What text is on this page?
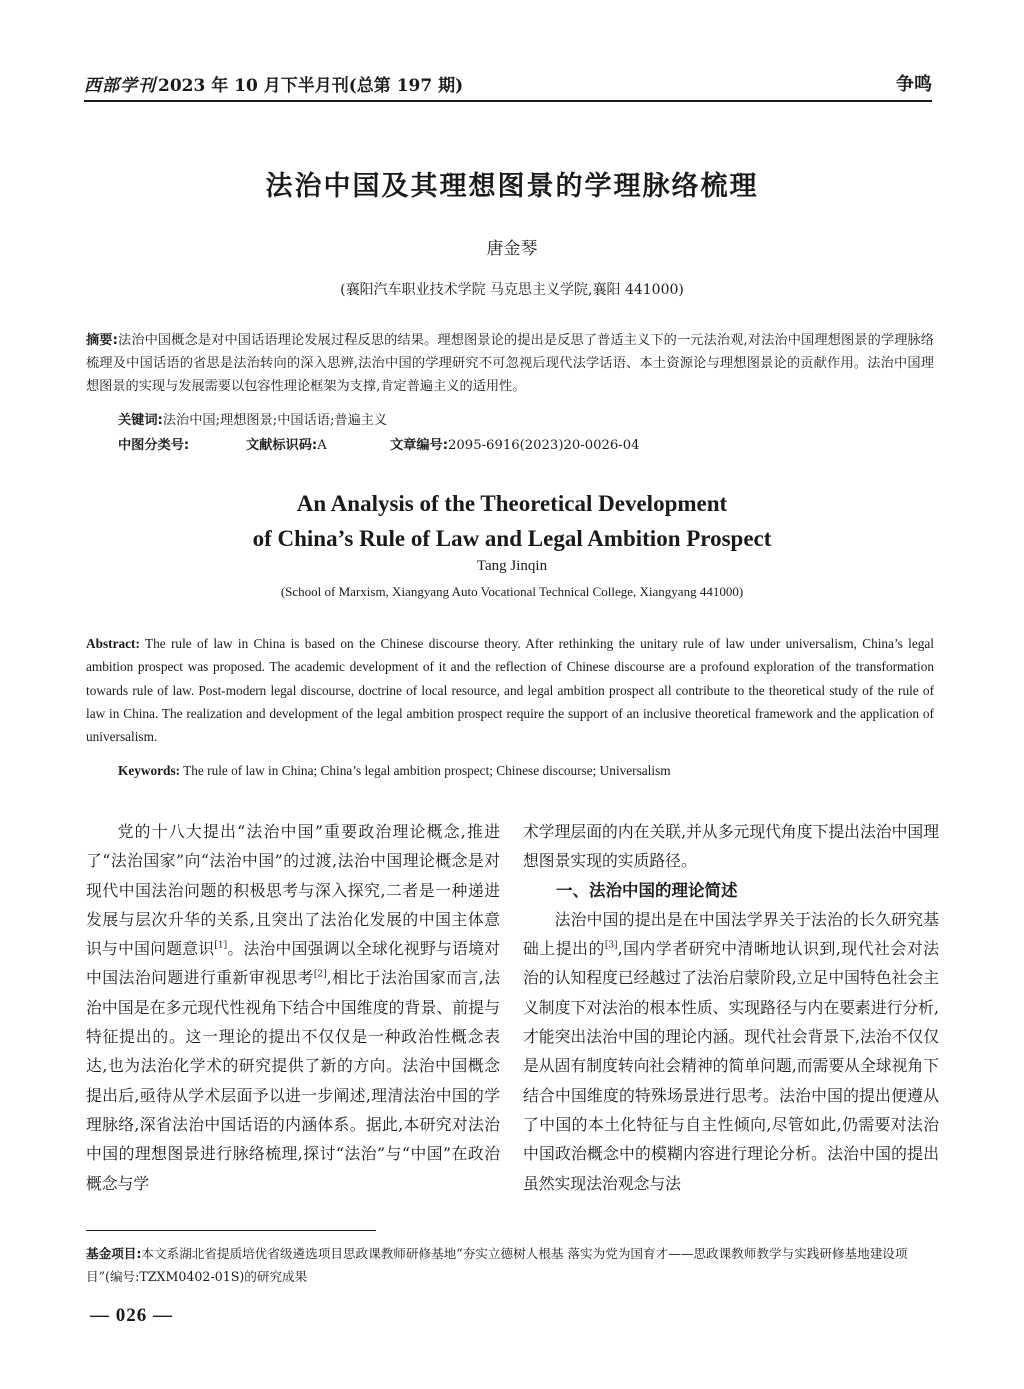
西部学刊 2023 年 10 月下半月刊(总第 197 期)	争鸣
法治中国及其理想图景的学理脉络梳理
唐金琴
(襄阳汽车职业技术学院 马克思主义学院,襄阳 441000)
摘要:法治中国概念是对中国话语理论发展过程反思的结果。理想图景论的提出是反思了普适主义下的一元法治观,对法治中国理想图景的学理脉络梳理及中国话语的省思是法治转向的深入思辨,法治中国的学理研究不可忽视后现代法学话语、本土资源论与理想图景论的贡献作用。法治中国理想图景的实现与发展需要以包容性理论框架为支撑,肯定普遍主义的适用性。
关键词:法治中国;理想图景;中国话语;普遍主义
中图分类号:	文献标识码:A	文章编号:2095-6916(2023)20-0026-04
An Analysis of the Theoretical Development
of China’s Rule of Law and Legal Ambition Prospect
Tang Jinqin
(School of Marxism, Xiangyang Auto Vocational Technical College, Xiangyang 441000)
Abstract: The rule of law in China is based on the Chinese discourse theory. After rethinking the unitary rule of law under universalism, China’s legal ambition prospect was proposed. The academic development of it and the reflection of Chinese discourse are a profound exploration of the transformation towards rule of law. Post-modern legal discourse, doctrine of local resource, and legal ambition prospect all contribute to the theoretical study of the rule of law in China. The realization and development of the legal ambition prospect require the support of an inclusive theoretical framework and the application of universalism.
Keywords: The rule of law in China; China’s legal ambition prospect; Chinese discourse; Universalism

党的十八大提出“法治中国”重要政治理论概念,推进了“法治国家”向“法治中国”的过渡,法治中国理论概念是对现代中国法治问题的积极思考与深入探究,二者是一种递进发展与层次升华的关系,且突出了法治化发展的中国主体意识与中国问题意识[1]。法治中国强调以全球化视野与语境对中国法治问题进行重新审视思考[2],相比于法治国家而言,法治中国是在多元现代性视角下结合中国维度的背景、前提与特征提出的。这一理论的提出不仅仅是一种政治性概念表达,也为法治化学术的研究提供了新的方向。法治中国概念提出后,亟待从学术层面予以进一步阐述,理清法治中国的学理脉络,深省法治中国话语的内涵体系。据此,本研究对法治中国的理想图景进行脉络梳理,探讨“法治”与“中国”在政治概念与学

术学理层面的内在关联,并从多元现代角度下提出法治中国理想图景实现的实质路径。

一、法治中国的理论简述

法治中国的提出是在中国法学界关于法治的长久研究基础上提出的[3],国内学者研究中清晰地认识到,现代社会对法治的认知程度已经越过了法治启蒙阶段,立足中国特色社会主义制度下对法治的根本性质、实现路径与内在要素进行分析,才能突出法治中国的理论内涵。现代社会背景下,法治不仅仅是从固有制度转向社会精神的简单问题,而需要从全球视角下结合中国维度的特殊场景进行思考。法治中国的提出便遵从了中国的本土化特征与自主性倾向,尽管如此,仍需要对法治中国政治概念中的模糊内容进行理论分析。法治中国的提出虽然实现法治观念与法

基金项目:本文系湖北省提质培优省级遴选项目思政课教师研修基地“夯实立德树人根基 落实为党为国育才——思政课教师教学与实践研修基地建设项目”(编号:TZXM0402-01S)的研究成果
— 026 —
